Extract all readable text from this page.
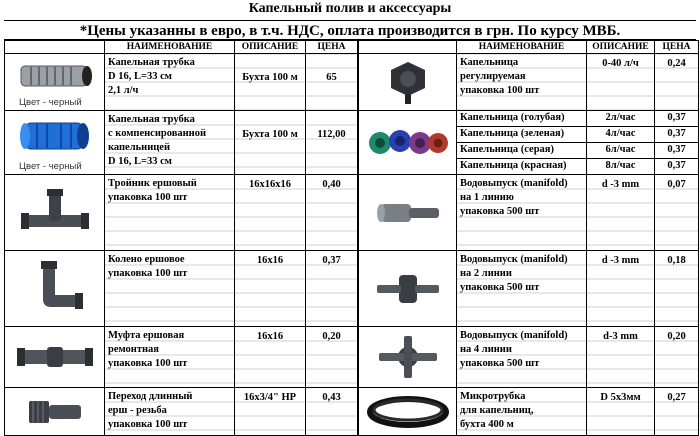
Капельный полив и аксессуары
*Цены указанны в евро, в т.ч. НДС, оплата производится в грн. По курсу МВБ.
	НАИМЕНОВАНИЕ	ОПИСАНИЕ	ЦЕНА

Цвет - черный	Капельная трубка
D 16, L=33 см
2,1 л/ч	Бухта 100 м	65

Цвет - черный	Капельная трубка
с компенсированной
капельницей
D 16, L=33 см	Бухта 100 м	112,00

Тройник ершовый
упаковка 100 шт	16x16x16	0,40

Колено ершовое
упаковка 100 шт	16x16	0,37

Муфта ершовая
ремонтная
упаковка 100 шт	16x16	0,20

Переход длинный
ерш - резьба
упаковка 100 шт	16x3/4" HP	0,43
	НАИМЕНОВАНИЕ	ОПИСАНИЕ	ЦЕНА

Капельница
регулируемая
упаковка 100 шт	0-40 л/ч	0,24

	Капельница (голубая)	2л/час	0,37
	Капельница (зеленая)	4л/час	0,37
	Капельница (серая)	6л/час	0,37
	Капельница (красная)	8л/час	0,37

Водовыпуск (manifold)
на 1 линию
упаковка 500 шт	d -3 mm	0,07

Водовыпуск (manifold)
на 2 линии
упаковка 500 шт	d -3 mm	0,18

Водовыпуск (manifold)
на 4 линии
упаковка 500 шт	d-3 mm	0,20

Микротрубка
для капельниц,
бухта 400 м	D 5x3мм	0,27
